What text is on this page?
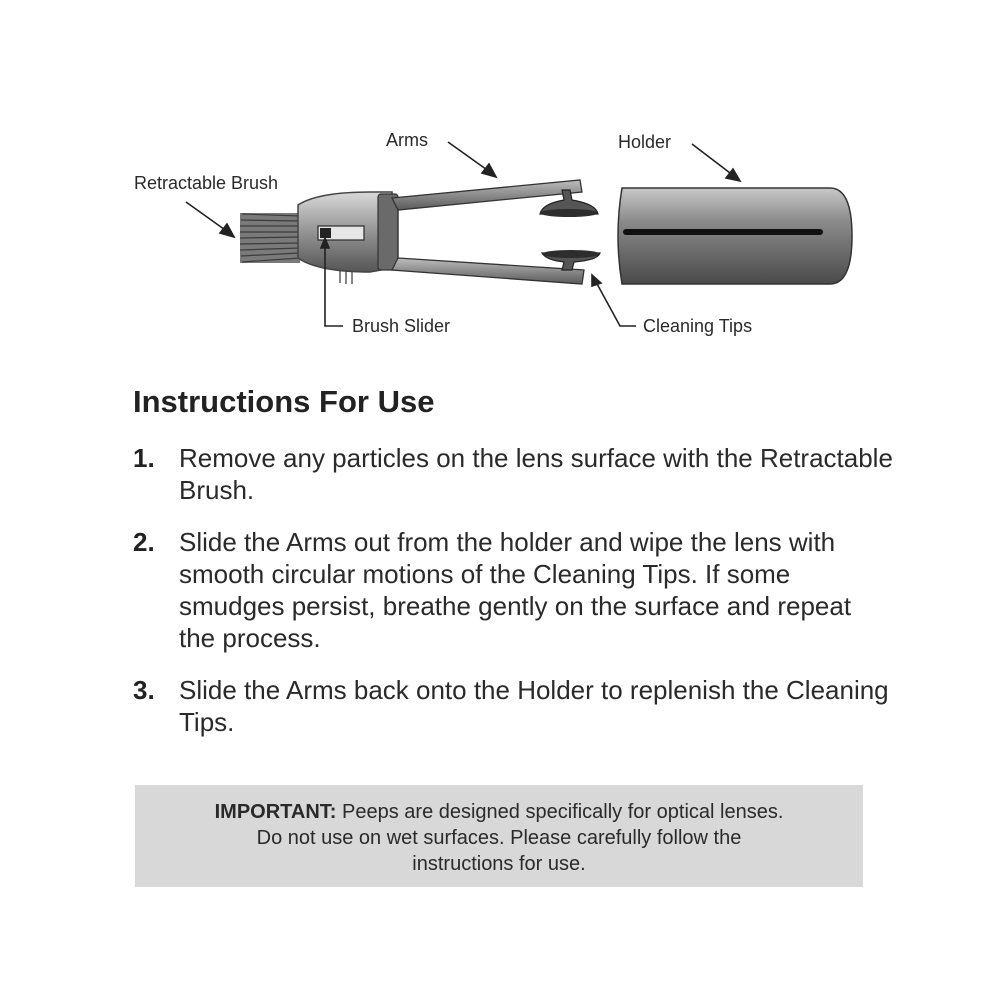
Arms	Holder
Retractable Brush
Brush Slider	Cleaning Tips
Instructions For Use
1. Remove any particles on the lens surface with the Retractable Brush.
2. Slide the Arms out from the holder and wipe the lens with smooth circular motions of the Cleaning Tips. If some smudges persist, breathe gently on the surface and repeat the process.
3. Slide the Arms back onto the Holder to replenish the Cleaning Tips.
IMPORTANT: Peeps are designed specifically for optical lenses.
Do not use on wet surfaces. Please carefully follow the
instructions for use.
